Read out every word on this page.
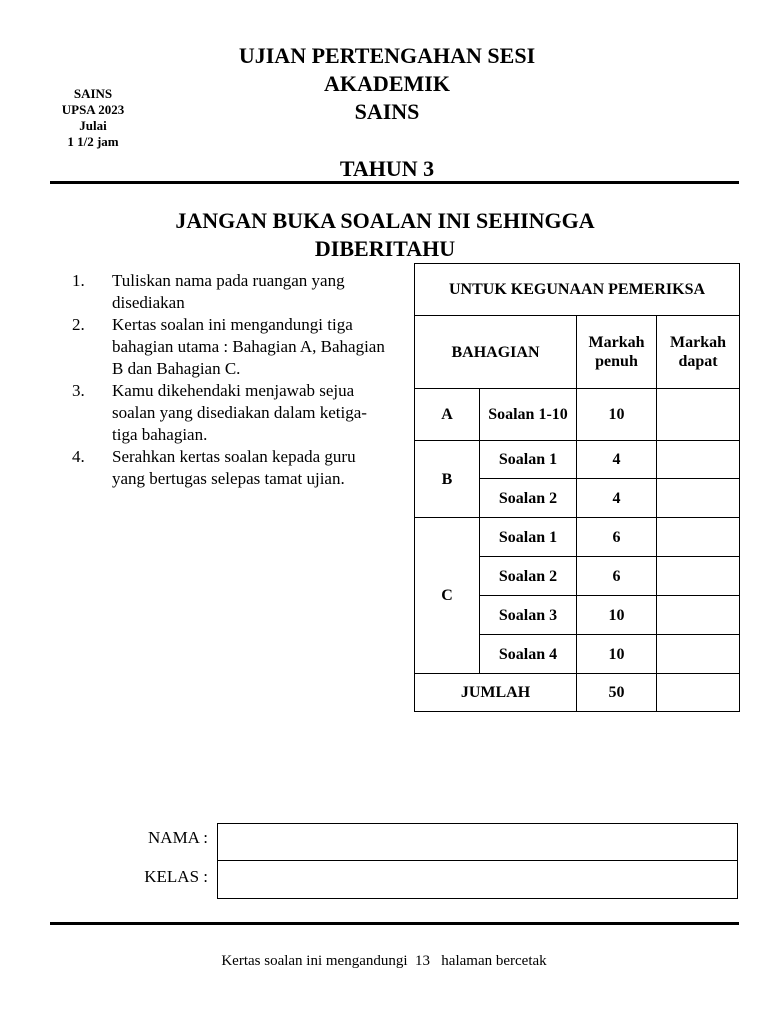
SAINS
UPSA 2023
Julai
1 1/2 jam
UJIAN PERTENGAHAN SESI
AKADEMIK
SAINS
TAHUN 3
JANGAN BUKA SOALAN INI SEHINGGA
DIBERITAHU
1.	Tuliskan nama pada ruangan yang disediakan
2.	Kertas soalan ini mengandungi tiga bahagian utama : Bahagian A, Bahagian B dan Bahagian C.
3.	Kamu dikehendaki menjawab sejua soalan yang disediakan dalam ketiga-tiga bahagian.
4.	Serahkan kertas soalan kepada guru yang bertugas selepas tamat ujian.
UNTUK KEGUNAAN PEMERIKSA			
BAHAGIAN		Markah penuh	Markah dapat
A	Soalan 1-10	10	
B	Soalan 1	4	
	Soalan 2	4	
C	Soalan 1	6	
	Soalan 2	6	
	Soalan 3	10	
	Soalan 4	10	
JUMLAH		50	
NAMA :
KELAS :
Kertas soalan ini mengandungi 13 halaman bercetak
